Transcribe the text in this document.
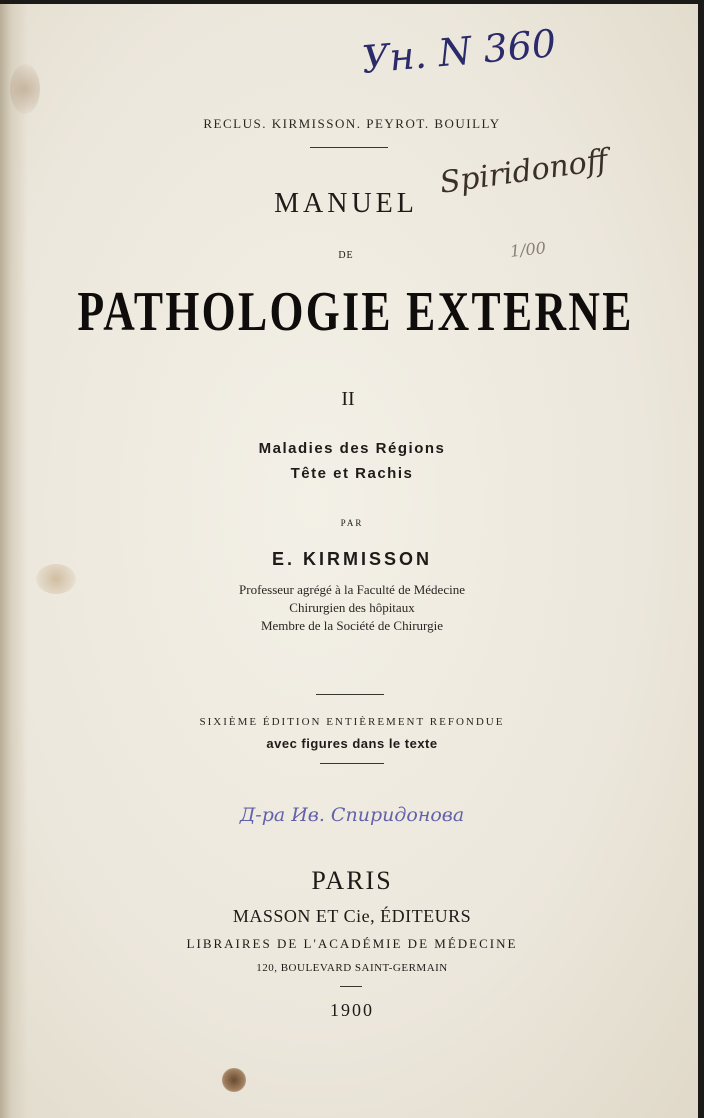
Ун. N 360
Spiridonoff
1/00
RECLUS. KIRMISSON. PEYROT. BOUILLY
MANUEL
DE
PATHOLOGIE EXTERNE
II
Maladies des Régions
Tête et Rachis
PAR
E. KIRMISSON
Professeur agrégé à la Faculté de Médecine
Chirurgien des hôpitaux
Membre de la Société de Chirurgie
SIXIÈME ÉDITION ENTIÈREMENT REFONDUE
avec figures dans le texte
Д-ра Ив. Спиридонова
PARIS
MASSON ET Cie, ÉDITEURS
LIBRAIRES DE L'ACADÉMIE DE MÉDECINE
120, BOULEVARD SAINT-GERMAIN
1900
